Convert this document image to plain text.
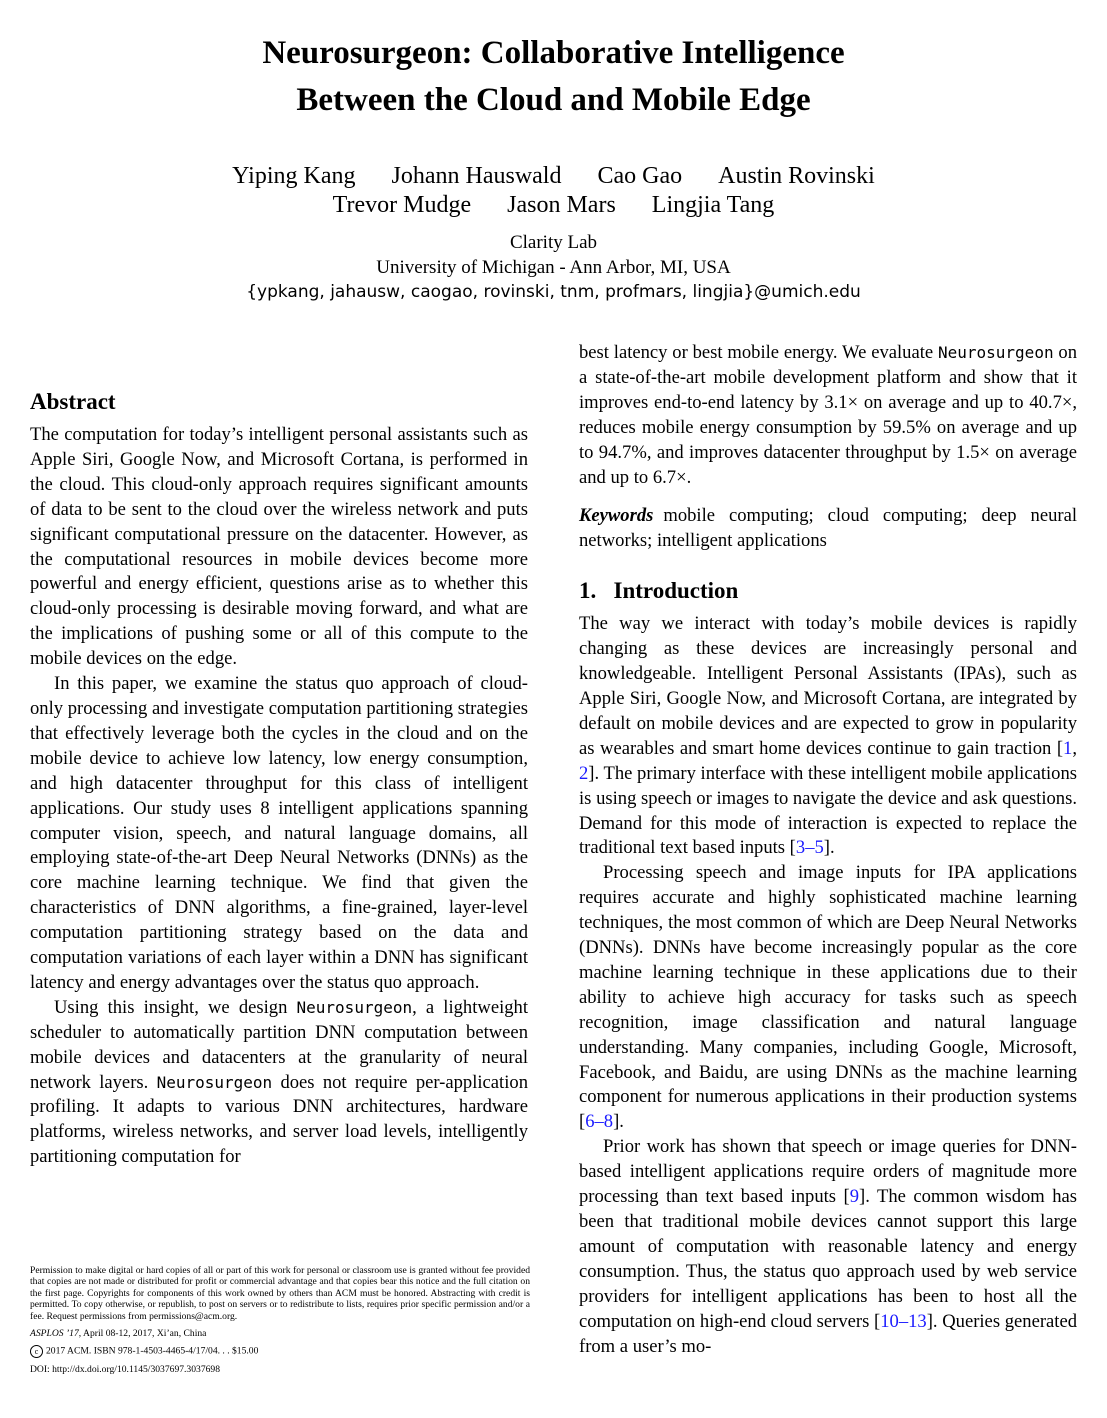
Neurosurgeon: Collaborative Intelligence
Between the Cloud and Mobile Edge
Yiping Kang Johann Hauswald Cao Gao Austin Rovinski
Trevor Mudge Jason Mars Lingjia Tang
Clarity Lab
University of Michigan - Ann Arbor, MI, USA
{ypkang, jahausw, caogao, rovinski, tnm, profmars, lingjia}@umich.edu
Abstract

The computation for today’s intelligent personal assistants such as Apple Siri, Google Now, and Microsoft Cortana, is performed in the cloud. This cloud-only approach requires significant amounts of data to be sent to the cloud over the wireless network and puts significant computational pressure on the datacenter. However, as the computational resources in mobile devices become more powerful and energy efficient, questions arise as to whether this cloud-only processing is desirable moving forward, and what are the implications of pushing some or all of this compute to the mobile devices on the edge.

In this paper, we examine the status quo approach of cloud-only processing and investigate computation partitioning strategies that effectively leverage both the cycles in the cloud and on the mobile device to achieve low latency, low energy consumption, and high datacenter throughput for this class of intelligent applications. Our study uses 8 intelligent applications spanning computer vision, speech, and natural language domains, all employing state-of-the-art Deep Neural Networks (DNNs) as the core machine learning technique. We find that given the characteristics of DNN algorithms, a fine-grained, layer-level computation partitioning strategy based on the data and computation variations of each layer within a DNN has significant latency and energy advantages over the status quo approach.

Using this insight, we design Neurosurgeon, a lightweight scheduler to automatically partition DNN computation between mobile devices and datacenters at the granularity of neural network layers. Neurosurgeon does not require per-application profiling. It adapts to various DNN architectures, hardware platforms, wireless networks, and server load levels, intelligently partitioning computation for

Permission to make digital or hard copies of all or part of this work for personal or classroom use is granted without fee provided that copies are not made or distributed for profit or commercial advantage and that copies bear this notice and the full citation on the first page. Copyrights for components of this work owned by others than ACM must be honored. Abstracting with credit is permitted. To copy otherwise, or republish, to post on servers or to redistribute to lists, requires prior specific permission and/or a fee. Request permissions from permissions@acm.org.

ASPLOS ’17, April 08-12, 2017, Xi’an, China
c 2017 ACM. ISBN 978-1-4503-4465-4/17/04. . . $15.00
DOI: http://dx.doi.org/10.1145/3037697.3037698

best latency or best mobile energy. We evaluate Neurosurgeon on a state-of-the-art mobile development platform and show that it improves end-to-end latency by 3.1× on average and up to 40.7×, reduces mobile energy consumption by 59.5% on average and up to 94.7%, and improves datacenter throughput by 1.5× on average and up to 6.7×.

Keywords mobile computing; cloud computing; deep neural networks; intelligent applications

1.   Introduction

The way we interact with today’s mobile devices is rapidly changing as these devices are increasingly personal and knowledgeable. Intelligent Personal Assistants (IPAs), such as Apple Siri, Google Now, and Microsoft Cortana, are integrated by default on mobile devices and are expected to grow in popularity as wearables and smart home devices continue to gain traction [1, 2]. The primary interface with these intelligent mobile applications is using speech or images to navigate the device and ask questions. Demand for this mode of interaction is expected to replace the traditional text based inputs [3–5].

Processing speech and image inputs for IPA applications requires accurate and highly sophisticated machine learning techniques, the most common of which are Deep Neural Networks (DNNs). DNNs have become increasingly popular as the core machine learning technique in these applications due to their ability to achieve high accuracy for tasks such as speech recognition, image classification and natural language understanding. Many companies, including Google, Microsoft, Facebook, and Baidu, are using DNNs as the machine learning component for numerous applications in their production systems [6–8].

Prior work has shown that speech or image queries for DNN-based intelligent applications require orders of magnitude more processing than text based inputs [9]. The common wisdom has been that traditional mobile devices cannot support this large amount of computation with reasonable latency and energy consumption. Thus, the status quo approach used by web service providers for intelligent applications has been to host all the computation on high-end cloud servers [10–13]. Queries generated from a user’s mo-
